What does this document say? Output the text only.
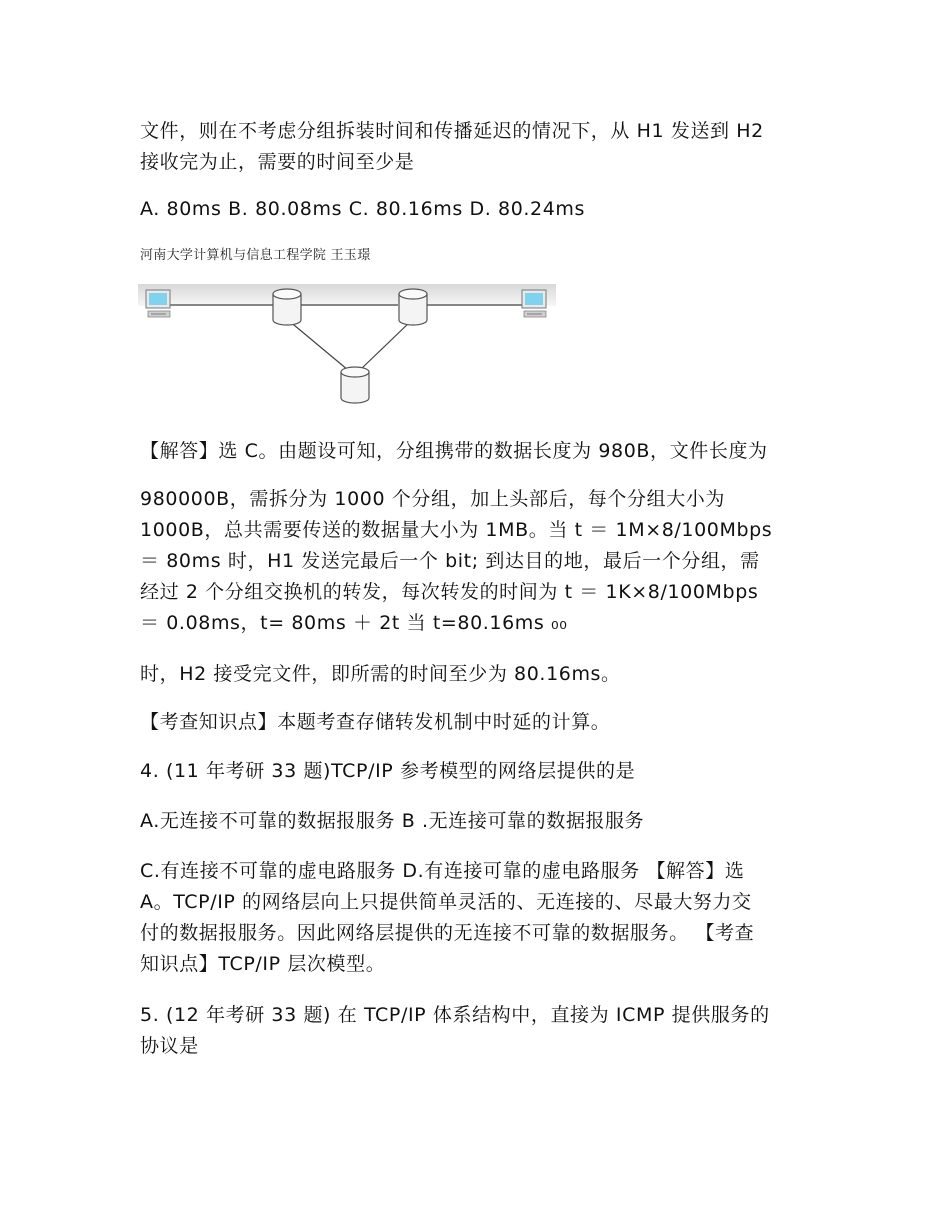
文件，则在不考虑分组拆装时间和传播延迟的情况下，从 H1 发送到 H2
接收完为止，需要的时间至少是
A. 80ms B. 80.08ms C. 80.16ms D. 80.24ms
河南大学计算机与信息工程学院 王玉璟
【解答】选 C。由题设可知，分组携带的数据长度为 980B，文件长度为
980000B，需拆分为 1000 个分组，加上头部后，每个分组大小为
1000B，总共需要传送的数据量大小为 1MB。当 t ＝ 1M×8/100Mbps
＝ 80ms 时，H1 发送完最后一个 bit; 到达目的地，最后一个分组，需
经过 2 个分组交换机的转发，每次转发的时间为 t ＝ 1K×8/100Mbps
＝ 0.08ms，t= 80ms ＋ 2t 当 t=80.16ms ₀₀
时，H2 接受完文件，即所需的时间至少为 80.16ms。
【考查知识点】本题考查存储转发机制中时延的计算。
4. (11 年考研 33 题)TCP/IP 参考模型的网络层提供的是
A.无连接不可靠的数据报服务 B .无连接可靠的数据报服务
C.有连接不可靠的虚电路服务 D.有连接可靠的虚电路服务 【解答】选
A。TCP/IP 的网络层向上只提供简单灵活的、无连接的、尽最大努力交
付的数据报服务。因此网络层提供的无连接不可靠的数据服务。 【考查
知识点】TCP/IP 层次模型。
5. (12 年考研 33 题) 在 TCP/IP 体系结构中，直接为 ICMP 提供服务的
协议是
